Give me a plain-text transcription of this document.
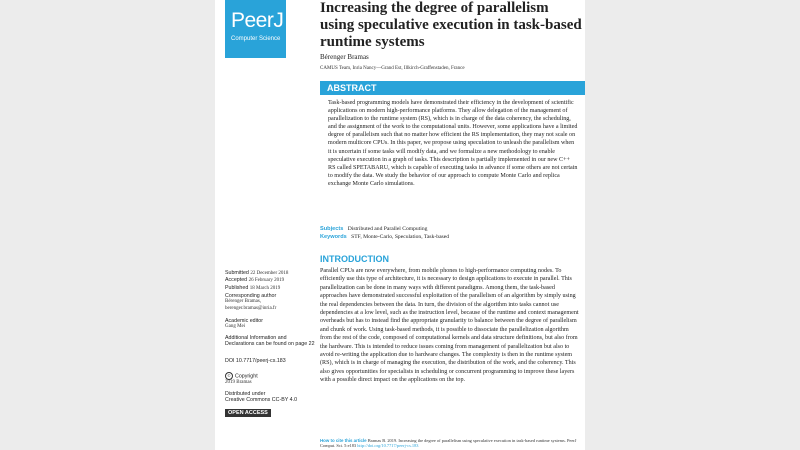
PeerJ
Computer Science
Increasing the degree of parallelism using speculative execution in task-based runtime systems
Bérenger Bramas
CAMUS Team, Inria Nancy—Grand Est, Illkirch-Graffenstaden, France
ABSTRACT
Task-based programming models have demonstrated their efficiency in the development of scientific applications on modern high-performance platforms. They allow delegation of the management of parallelization to the runtime system (RS), which is in charge of the data coherency, the scheduling, and the assignment of the work to the computational units. However, some applications have a limited degree of parallelism such that no matter how efficient the RS implementation, they may not scale on modern multicore CPUs. In this paper, we propose using speculation to unleash the parallelism when it is uncertain if some tasks will modify data, and we formalize a new methodology to enable speculative execution in a graph of tasks. This description is partially implemented in our new C++ RS called SPETABARU, which is capable of executing tasks in advance if some others are not certain to modify the data. We study the behavior of our approach to compute Monte Carlo and replica exchange Monte Carlo simulations.
Subjects Distributed and Parallel Computing
Keywords STF, Monte-Carlo, Speculation, Task-based
INTRODUCTION
Parallel CPUs are now everywhere, from mobile phones to high-performance computing nodes. To efficiently use this type of architecture, it is necessary to design applications to execute in parallel. This parallelization can be done in many ways with different paradigms. Among them, the task-based approaches have demonstrated successful exploitation of the parallelism of an algorithm by simply using the real dependencies between the data. In turn, the division of the algorithm into tasks cannot use dependencies at a low level, such as the instruction level, because of the runtime and context management overheads but has to instead find the appropriate granularity to balance between the degree of parallelism and chunk of work. Using task-based methods, it is possible to dissociate the parallelization algorithm from the rest of the code, composed of computational kernels and data structure definitions, but also from the hardware. This is intended to reduce issues coming from management of parallelization but also to avoid re-writing the application due to hardware changes. The complexity is then in the runtime system (RS), which is in charge of managing the execution, the distribution of the work, and the coherency. This also gives opportunities for specialists in scheduling or concurrent programming to improve these layers with a possible direct impact on the applications on the top.
Submitted 22 December 2018
Accepted 26 February 2019
Published 18 March 2019
Corresponding author
Bérenger Bramas,
berenger.bramas@inria.fr
Academic editor
Gang Mei
Additional Information and Declarations can be found on page 22
DOI 10.7717/peerj-cs.183
© Copyright
2019 Bramas
Distributed under
Creative Commons CC-BY 4.0
OPEN ACCESS
How to cite this article Bramas B. 2019. Increasing the degree of parallelism using speculative execution in task-based runtime systems. PeerJ Comput. Sci. 5:e183 http://doi.org/10.7717/peerj-cs.183
